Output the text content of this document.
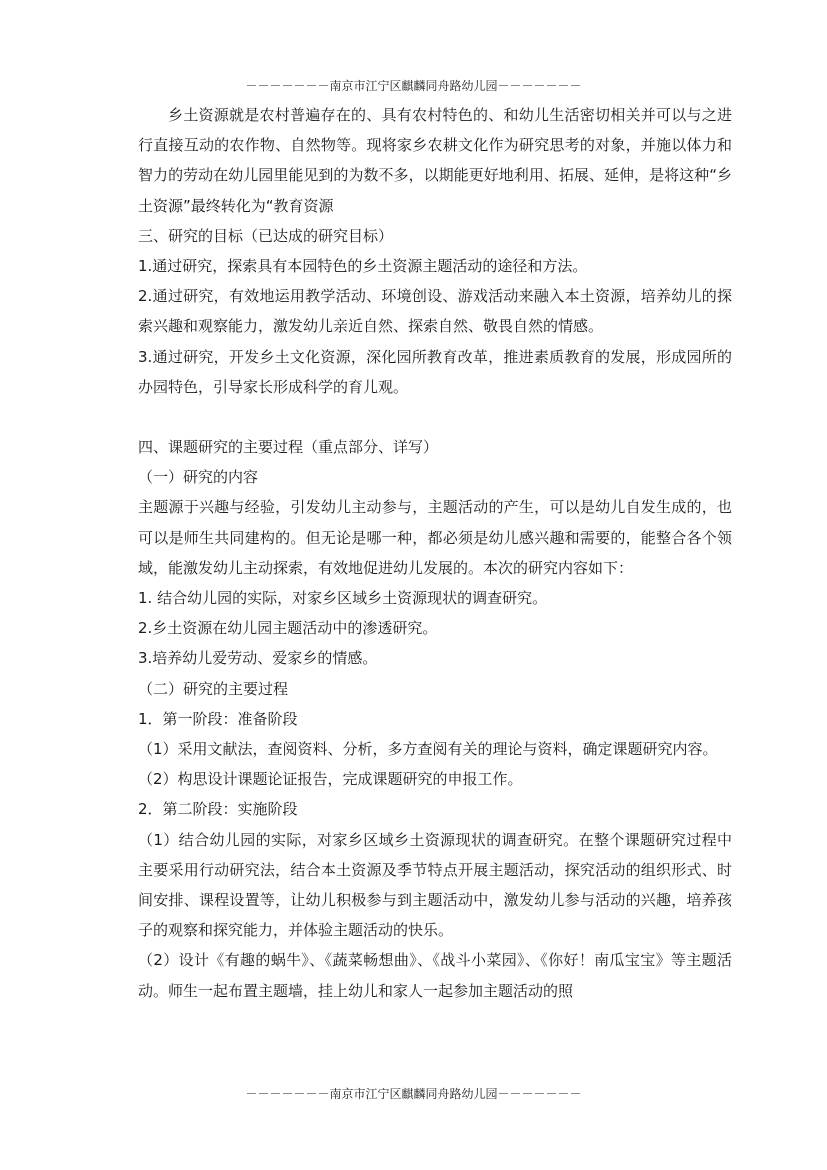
－－－－－－－南京市江宁区麒麟同舟路幼儿园－－－－－－－

乡土资源就是农村普遍存在的、具有农村特色的、和幼儿生活密切相关并可以与之进行直接互动的农作物、自然物等。现将家乡农耕文化作为研究思考的对象，并施以体力和智力的劳动在幼儿园里能见到的为数不多，以期能更好地利用、拓展、延伸，是将这种“乡土资源”最终转化为“教育资源

三、研究的目标（已达成的研究目标）

1.通过研究，探索具有本园特色的乡土资源主题活动的途径和方法。

2.通过研究，有效地运用教学活动、环境创设、游戏活动来融入本土资源，培养幼儿的探索兴趣和观察能力，激发幼儿亲近自然、探索自然、敬畏自然的情感。

3.通过研究，开发乡土文化资源，深化园所教育改革，推进素质教育的发展，形成园所的办园特色，引导家长形成科学的育儿观。

四、课题研究的主要过程（重点部分、详写）

（一）研究的内容

主题源于兴趣与经验，引发幼儿主动参与，主题活动的产生，可以是幼儿自发生成的，也可以是师生共同建构的。但无论是哪一种，都必须是幼儿感兴趣和需要的，能整合各个领域，能激发幼儿主动探索，有效地促进幼儿发展的。本次的研究内容如下：

1. 结合幼儿园的实际，对家乡区域乡土资源现状的调查研究。

2.乡土资源在幼儿园主题活动中的渗透研究。

3.培养幼儿爱劳动、爱家乡的情感。

（二）研究的主要过程

1．第一阶段：准备阶段

（1）采用文献法，查阅资料、分析，多方查阅有关的理论与资料，确定课题研究内容。

（2）构思设计课题论证报告，完成课题研究的申报工作。

2．第二阶段：实施阶段

（1）结合幼儿园的实际，对家乡区域乡土资源现状的调查研究。在整个课题研究过程中主要采用行动研究法，结合本土资源及季节特点开展主题活动，探究活动的组织形式、时间安排、课程设置等，让幼儿积极参与到主题活动中，激发幼儿参与活动的兴趣，培养孩子的观察和探究能力，并体验主题活动的快乐。

（2）设计《有趣的蜗牛》、《蔬菜畅想曲》、《战斗小菜园》、《你好！南瓜宝宝》等主题活动。师生一起布置主题墙，挂上幼儿和家人一起参加主题活动的照

－－－－－－－南京市江宁区麒麟同舟路幼儿园－－－－－－－
